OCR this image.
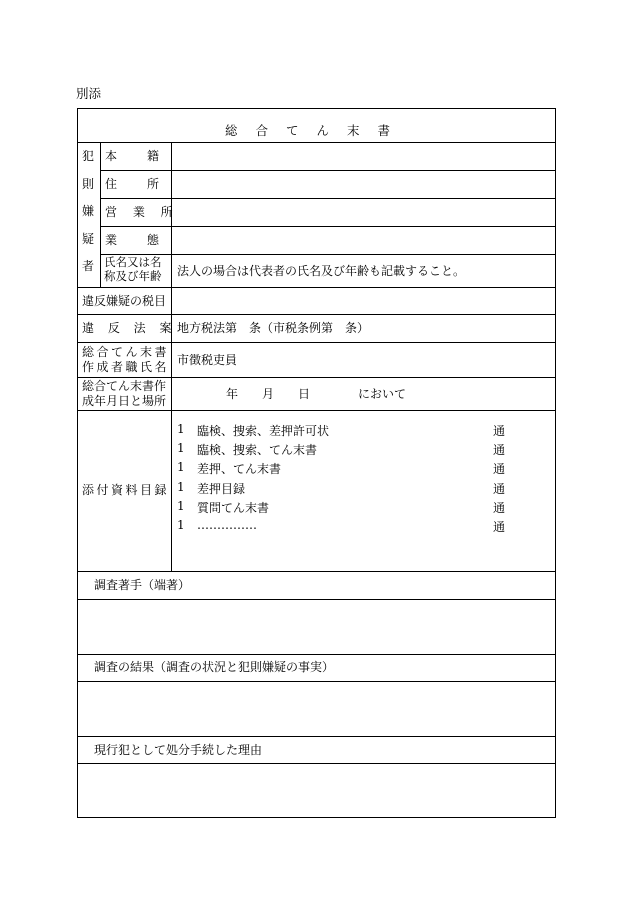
別添
総合てん末書
犯
則
嫌
疑
者
本　　籍
住　　所
営 業 所
業　　態
氏名又は名
称及び年齢 法人の場合は代表者の氏名及び年齢も記載すること。
違反嫌疑の税目
違 反 法 案 地方税法第　条（市税条例第　条）
総合てん末書
作成者職氏名 市徴税吏員
総合てん末書作
成年月日と場所	年　　月　　日　　　　において
添付資料目録
1 臨検、捜索、差押許可状	通
1 臨検、捜索、てん末書	通
1 差押、てん末書	通
1 差押目録	通
1 質問てん末書	通
1 ……………	通
調査著手（端著）
調査の結果（調査の状況と犯則嫌疑の事実）
現行犯として処分手続した理由
